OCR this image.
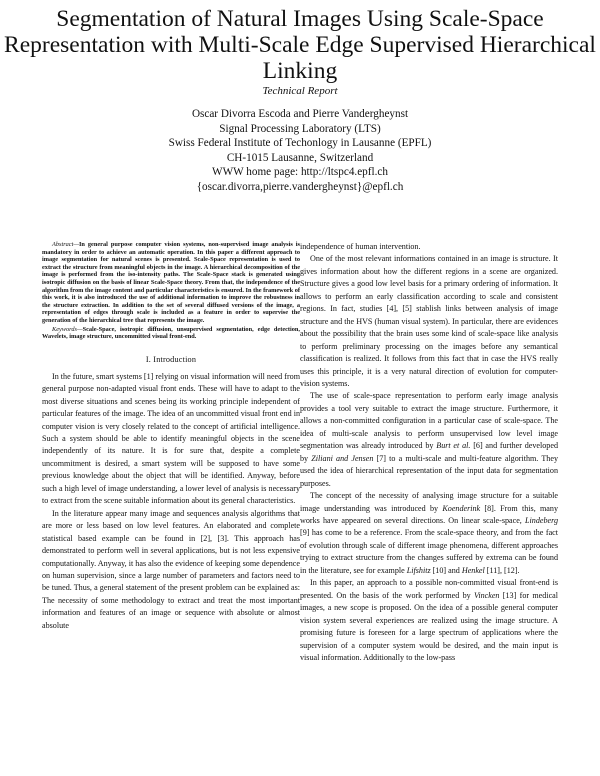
Segmentation of Natural Images Using Scale-Space Representation with Multi-Scale Edge Supervised Hierarchical Linking
Technical Report
Oscar Divorra Escoda and Pierre Vandergheynst
Signal Processing Laboratory (LTS)
Swiss Federal Institute of Techonlogy in Lausanne (EPFL)
CH-1015 Lausanne, Switzerland
WWW home page: http://ltspc4.epfl.ch
{oscar.divorra,pierre.vandergheynst}@epfl.ch

Abstract—In general purpose computer vision systems, non-supervised image analysis is mandatory in order to achieve an automatic operation. In this paper a different approach to image segmentation for natural scenes is presented. Scale-Space representation is used to extract the structure from meaningful objects in the image. A hierarchical decomposition of the image is performed from the iso-intensity paths. The Scale-Space stack is generated using isotropic diffusion on the basis of linear Scale-Space theory. From that, the independence of the algorithm from the image content and particular characteristics is ensured. In the framework of this work, it is also introduced the use of additional information to improve the robustness in the structure extraction. In addition to the set of several diffused versions of the image, a representation of edges through scale is included as a feature in order to supervise the generation of the hierarchical tree that represents the image.

Keywords—Scale-Space, isotropic diffusion, unsupervised segmentation, edge detection, Wavelets, image structure, uncommitted visual front-end.

I. Introduction

In the future, smart systems [1] relying on visual information will need from general purpose non-adapted visual front ends. These will have to adapt to the most diverse situations and scenes being its working principle independent of particular features of the image. The idea of an uncommitted visual front end in computer vision is very closely related to the concept of artificial intelligence. Such a system should be able to identify meaningful objects in the scene independently of its nature. It is for sure that, despite a complete uncommitment is desired, a smart system will be supposed to have some previous knowledge about the object that will be identified. Anyway, before such a high level of image understanding, a lower level of analysis is necessary to extract from the scene suitable information about its general characteristics.

In the literature appear many image and sequences analysis algorithms that are more or less based on low level features. An elaborated and complete statistical based example can be found in [2], [3]. This approach has demonstrated to perform well in several applications, but is not less expensive computationally. Anyway, it has also the evidence of keeping some dependence on human supervision, since a large number of parameters and factors need to be tuned. Thus, a general statement of the present problem can be explained as: The necessity of some methodology to extract and treat the most important information and features of an image or sequence with absolute or almost absolute

independence of human intervention.

One of the most relevant informations contained in an image is structure. It gives information about how the different regions in a scene are organized. Structure gives a good low level basis for a primary ordering of information. It allows to perform an early classification according to scale and consistent regions. In fact, studies [4], [5] stablish links between analysis of image structure and the HVS (human visual system). In particular, there are evidences about the possibility that the brain uses some kind of scale-space like analysis to perform preliminary processing on the images before any semantical classification is realized. It follows from this fact that in case the HVS really uses this principle, it is a very natural direction of evolution for computer-vision systems.

The use of scale-space representation to perform early image analysis provides a tool very suitable to extract the image structure. Furthermore, it allows a non-committed configuration in a particular case of scale-space. The idea of multi-scale analysis to perform unsupervised low level image segmentation was already introduced by Burt et al. [6] and further developed by Ziliani and Jensen [7] to a multi-scale and multi-feature algorithm. They used the idea of hierarchical representation of the input data for segmentation purposes.

The concept of the necessity of analysing image structure for a suitable image understanding was introduced by Koenderink [8]. From this, many works have appeared on several directions. On linear scale-space, Lindeberg [9] has come to be a reference. From the scale-space theory, and from the fact of evolution through scale of different image phenomena, different approaches trying to extract structure from the changes suffered by extrema can be found in the literature, see for example Lifshitz [10] and Henkel [11], [12].

In this paper, an approach to a possible non-committed visual front-end is presented. On the basis of the work performed by Vincken [13] for medical images, a new scope is proposed. On the idea of a possible general computer vision system several experiences are realized using the image structure. A promising future is foreseen for a large spectrum of applications where the supervision of a computer system would be desired, and the main input is visual information. Additionally to the low-pass
